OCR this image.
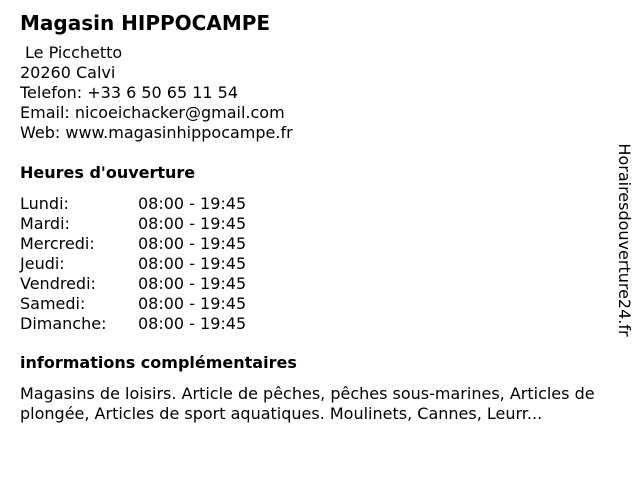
Magasin HIPPOCAMPE
Le Picchetto
20260 Calvi
Telefon: +33 6 50 65 11 54
Email: nicoeichacker@gmail.com
Web: www.magasinhippocampe.fr
Heures d'ouverture
Lundi:	08:00 - 19:45
Mardi:	08:00 - 19:45
Mercredi:	08:00 - 19:45
Jeudi:	08:00 - 19:45
Vendredi:	08:00 - 19:45
Samedi:	08:00 - 19:45
Dimanche:	08:00 - 19:45
informations complémentaires
Magasins de loisirs. Article de pêches, pêches sous-marines, Articles de plongée, Articles de sport aquatiques. Moulinets, Cannes, Leurr...
Horairesdouverture24.fr
